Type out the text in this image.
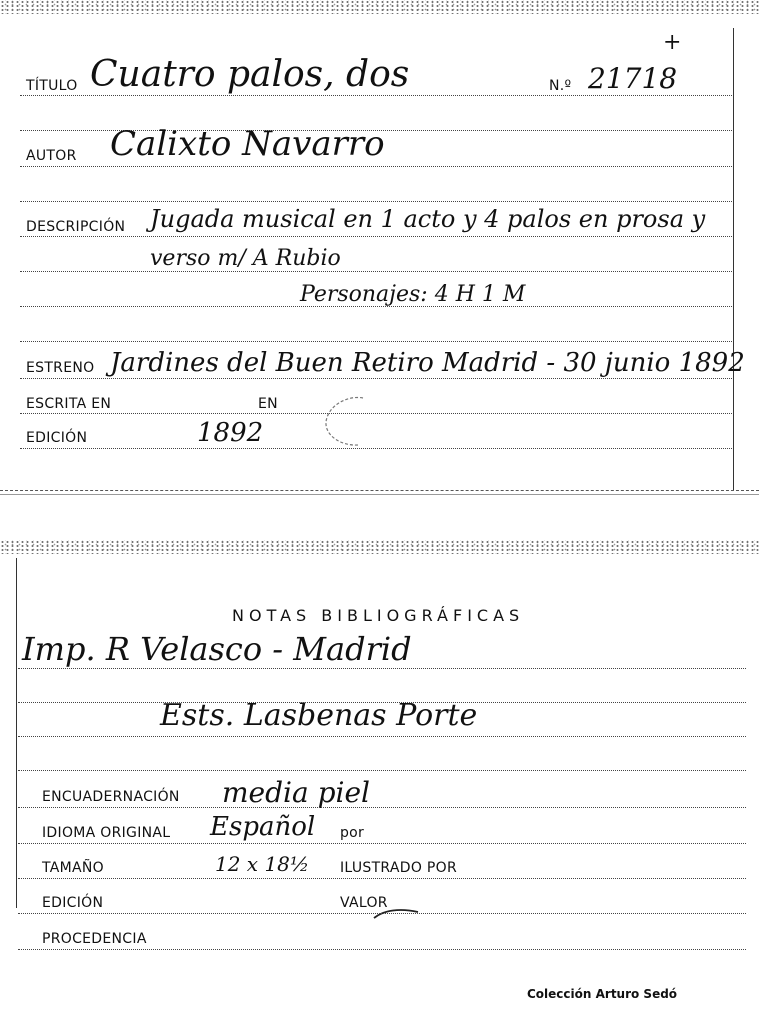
TÍTULO Cuatro palos, dos	N.º 21718
+
AUTOR Calixto Navarro
DESCRIPCIÓN Jugada musical en 1 acto y 4 palos en prosa y
verso m/ A Rubio
Personajes: 4 H 1 M
ESTRENO Jardines del Buen Retiro Madrid - 30 junio 1892
ESCRITA EN	EN
EDICIÓN	1892
NOTAS BIBLIOGRÁFICAS
Imp. R Velasco - Madrid
Ests. Lasbenas Porte
ENCUADERNACIÓN media piel
IDIOMA ORIGINAL Español por
TAMAÑO	12 x 18½ ILUSTRADO POR
EDICIÓN	VALOR
PROCEDENCIA
Colección Arturo Sedó
